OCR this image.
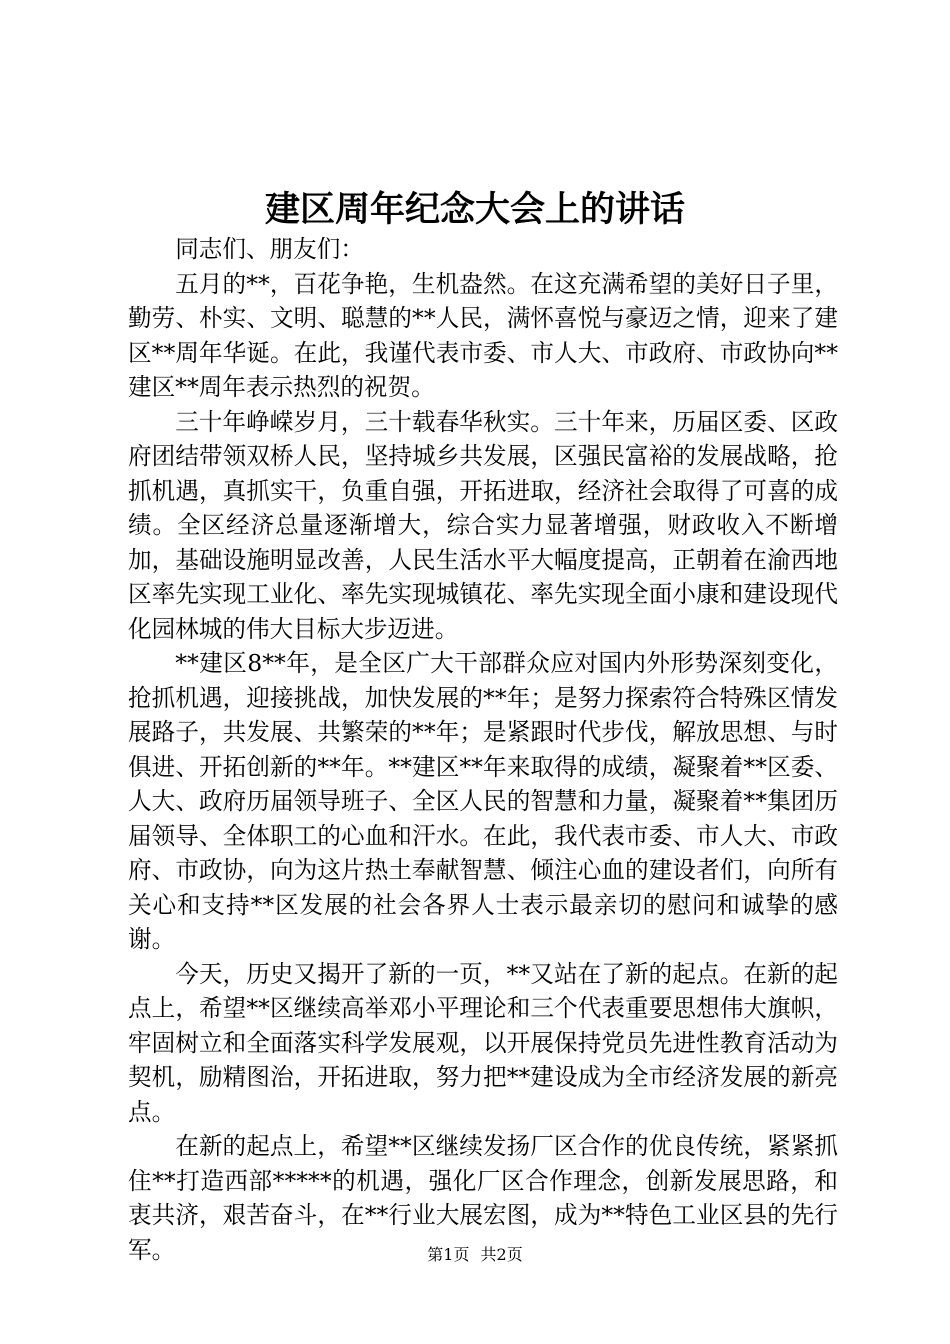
建区周年纪念大会上的讲话

同志们、朋友们：

五月的**，百花争艳，生机盎然。在这充满希望的美好日子里，勤劳、朴实、文明、聪慧的**人民，满怀喜悦与豪迈之情，迎来了建区**周年华诞。在此，我谨代表市委、市人大、市政府、市政协向**建区**周年表示热烈的祝贺。

三十年峥嵘岁月，三十载春华秋实。三十年来，历届区委、区政府团结带领双桥人民，坚持城乡共发展，区强民富裕的发展战略，抢抓机遇，真抓实干，负重自强，开拓进取，经济社会取得了可喜的成绩。全区经济总量逐渐增大，综合实力显著增强，财政收入不断增加，基础设施明显改善，人民生活水平大幅度提高，正朝着在渝西地区率先实现工业化、率先实现城镇花、率先实现全面小康和建设现代化园林城的伟大目标大步迈进。

**建区8**年，是全区广大干部群众应对国内外形势深刻变化，抢抓机遇，迎接挑战，加快发展的**年；是努力探索符合特殊区情发展路子，共发展、共繁荣的**年；是紧跟时代步伐，解放思想、与时俱进、开拓创新的**年。**建区**年来取得的成绩，凝聚着**区委、人大、政府历届领导班子、全区人民的智慧和力量，凝聚着**集团历届领导、全体职工的心血和汗水。在此，我代表市委、市人大、市政府、市政协，向为这片热土奉献智慧、倾注心血的建设者们，向所有关心和支持**区发展的社会各界人士表示最亲切的慰问和诚挚的感谢。

今天，历史又揭开了新的一页，**又站在了新的起点。在新的起点上，希望**区继续高举邓小平理论和三个代表重要思想伟大旗帜，牢固树立和全面落实科学发展观，以开展保持党员先进性教育活动为契机，励精图治，开拓进取，努力把**建设成为全市经济发展的新亮点。

在新的起点上，希望**区继续发扬厂区合作的优良传统，紧紧抓住**打造西部*****的机遇，强化厂区合作理念，创新发展思路，和衷共济，艰苦奋斗，在**行业大展宏图，成为**特色工业区县的先行军。	第1页 共2页
